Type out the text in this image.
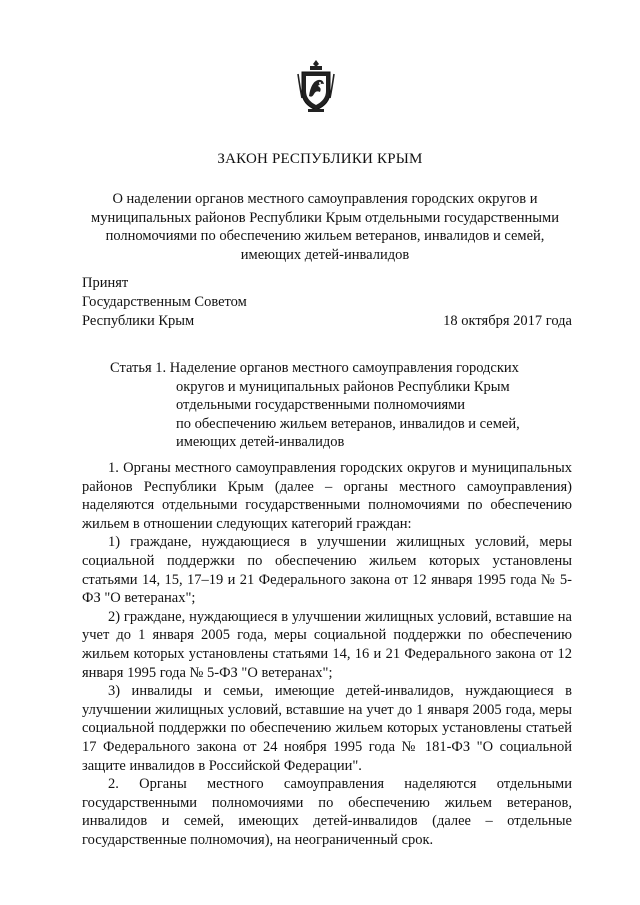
ЗАКОН РЕСПУБЛИКИ КРЫМ
О наделении органов местного самоуправления городских округов и муниципальных районов Республики Крым отдельными государственными полномочиями по обеспечению жильем ветеранов, инвалидов и семей, имеющих детей-инвалидов
Принят
Государственным Советом
Республики Крым	18 октября 2017 года
Статья 1. Наделение органов местного самоуправления городских
округов и муниципальных районов Республики Крым
отдельными государственными полномочиями
по обеспечению жильем ветеранов, инвалидов и семей,
имеющих детей-инвалидов

1. Органы местного самоуправления городских округов и муниципальных районов Республики Крым (далее – органы местного самоуправления) наделяются отдельными государственными полномочиями по обеспечению жильем в отношении следующих категорий граждан:

1) граждане, нуждающиеся в улучшении жилищных условий, меры социальной поддержки по обеспечению жильем которых установлены статьями 14, 15, 17–19 и 21 Федерального закона от 12 января 1995 года № 5-ФЗ "О ветеранах";

2) граждане, нуждающиеся в улучшении жилищных условий, вставшие на учет до 1 января 2005 года, меры социальной поддержки по обеспечению жильем которых установлены статьями 14, 16 и 21 Федерального закона от 12 января 1995 года № 5-ФЗ "О ветеранах";

3) инвалиды и семьи, имеющие детей-инвалидов, нуждающиеся в улучшении жилищных условий, вставшие на учет до 1 января 2005 года, меры социальной поддержки по обеспечению жильем которых установлены статьей 17 Федерального закона от 24 ноября 1995 года № 181-ФЗ "О социальной защите инвалидов в Российской Федерации".

2. Органы местного самоуправления наделяются отдельными государственными полномочиями по обеспечению жильем ветеранов, инвалидов и семей, имеющих детей-инвалидов (далее – отдельные государственные полномочия), на неограниченный срок.
